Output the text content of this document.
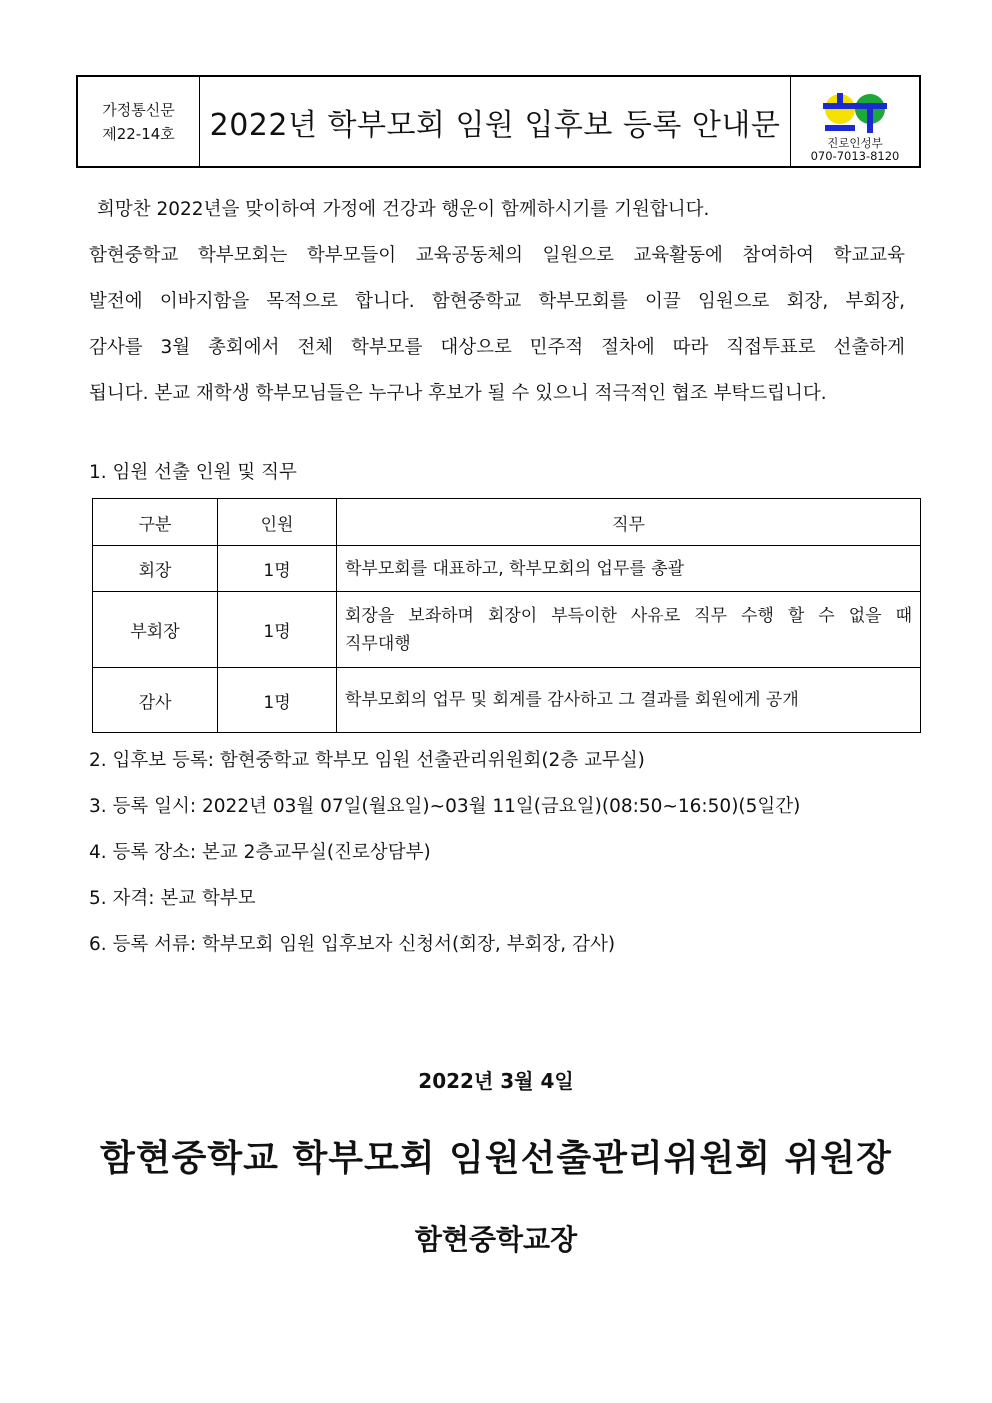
가정통신문
제22-14호	2022년 학부모회 임원 입후보 등록 안내문
진로인성부
070-7013-8120
희망찬 2022년을 맞이하여 가정에 건강과 행운이 함께하시기를 기원합니다.
함현중학교 학부모회는 학부모들이 교육공동체의 일원으로 교육활동에 참여하여 학교교육
발전에 이바지함을 목적으로 합니다. 함현중학교 학부모회를 이끌 임원으로 회장, 부회장,
감사를 3월 총회에서 전체 학부모를 대상으로 민주적 절차에 따라 직접투표로 선출하게
됩니다. 본교 재학생 학부모님들은 누구나 후보가 될 수 있으니 적극적인 협조 부탁드립니다.
1. 임원 선출 인원 및 직무
구분	인원	직무
회장	1명	학부모회를 대표하고, 학부모회의 업무를 총괄
부회장	1명	회장을 보좌하며 회장이 부득이한 사유로 직무 수행 할 수 없을 때
직무대행

감사	1명	학부모회의 업무 및 회계를 감사하고 그 결과를 회원에게 공개
2. 입후보 등록: 함현중학교 학부모 임원 선출관리위원회(2층 교무실)
3. 등록 일시: 2022년 03월 07일(월요일)~03월 11일(금요일)(08:50~16:50)(5일간)
4. 등록 장소: 본교 2층교무실(진로상담부)
5. 자격: 본교 학부모
6. 등록 서류: 학부모회 임원 입후보자 신청서(회장, 부회장, 감사)
2022년 3월 4일
함현중학교 학부모회 임원선출관리위원회 위원장
함현중학교장
